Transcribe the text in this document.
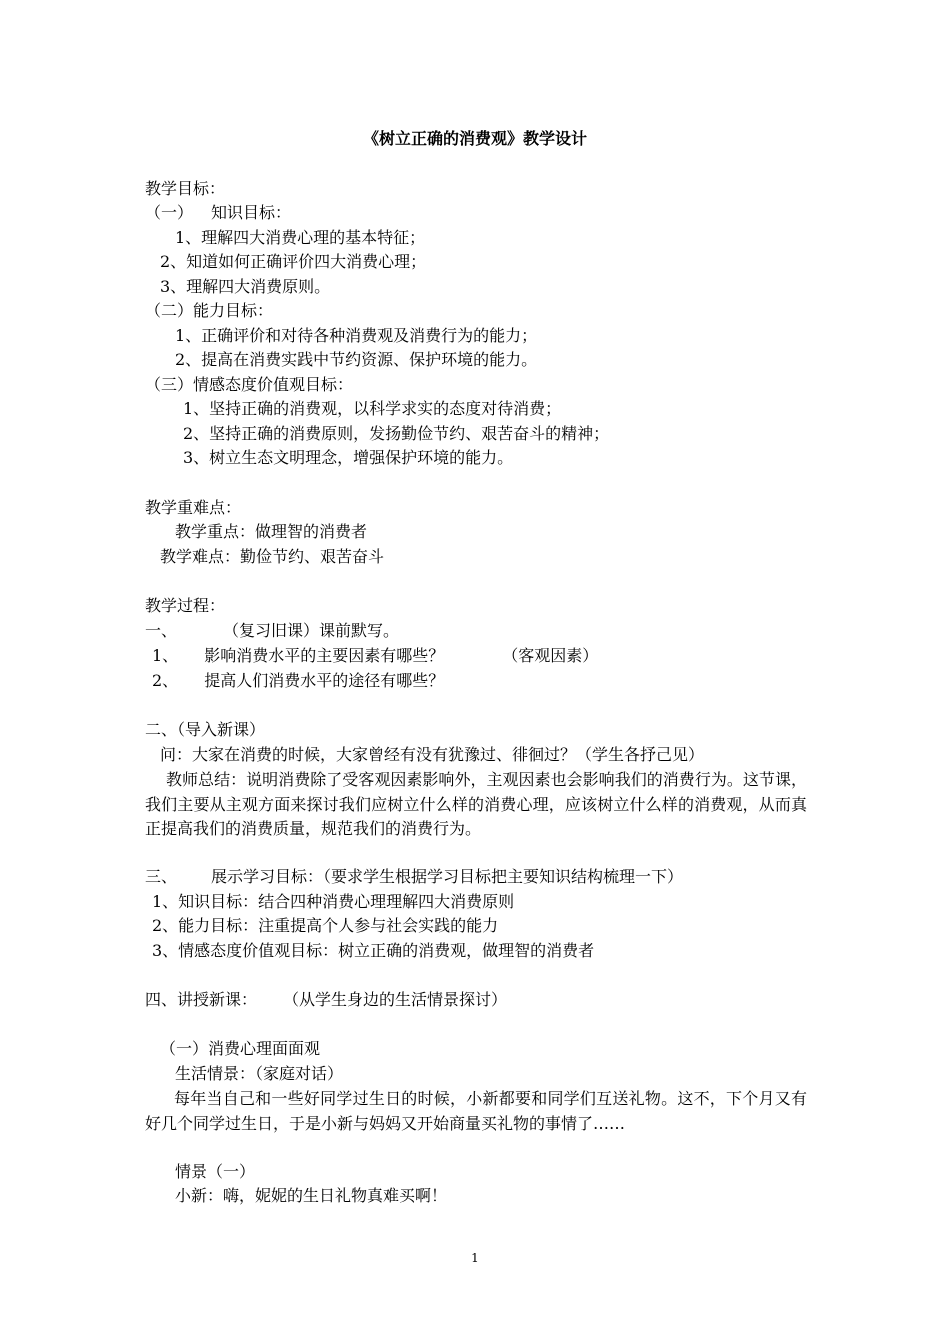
《树立正确的消费观》教学设计
教学目标：
（一） 知识目标：
1、理解四大消费心理的基本特征；
2、知道如何正确评价四大消费心理；
3、理解四大消费原则。
（二）能力目标：
1、正确评价和对待各种消费观及消费行为的能力；
2、提高在消费实践中节约资源、保护环境的能力。
（三）情感态度价值观目标：
1、坚持正确的消费观，以科学求实的态度对待消费；
2、坚持正确的消费原则，发扬勤俭节约、艰苦奋斗的精神；
3、树立生态文明理念，增强保护环境的能力。
教学重难点：
教学重点：做理智的消费者
教学难点：勤俭节约、艰苦奋斗
教学过程：
一、	（复习旧课）课前默写。
1、 影响消费水平的主要因素有哪些？	（客观因素）
2、 提高人们消费水平的途径有哪些？
二、（导入新课）
问：大家在消费的时候，大家曾经有没有犹豫过、徘徊过？（学生各抒己见）
教师总结：说明消费除了受客观因素影响外，主观因素也会影响我们的消费行为。这节课，我们主要从主观方面来探讨我们应树立什么样的消费心理，应该树立什么样的消费观，从而真正提高我们的消费质量，规范我们的消费行为。
三、 展示学习目标：（要求学生根据学习目标把主要知识结构梳理一下）
1、知识目标：结合四种消费心理理解四大消费原则
2、能力目标：注重提高个人参与社会实践的能力
3、情感态度价值观目标：树立正确的消费观，做理智的消费者
四、讲授新课： （从学生身边的生活情景探讨）
（一）消费心理面面观
生活情景：（家庭对话）
每年当自己和一些好同学过生日的时候，小新都要和同学们互送礼物。这不，下个月又有好几个同学过生日，于是小新与妈妈又开始商量买礼物的事情了……
情景（一）
小新：嗨，妮妮的生日礼物真难买啊！
1
